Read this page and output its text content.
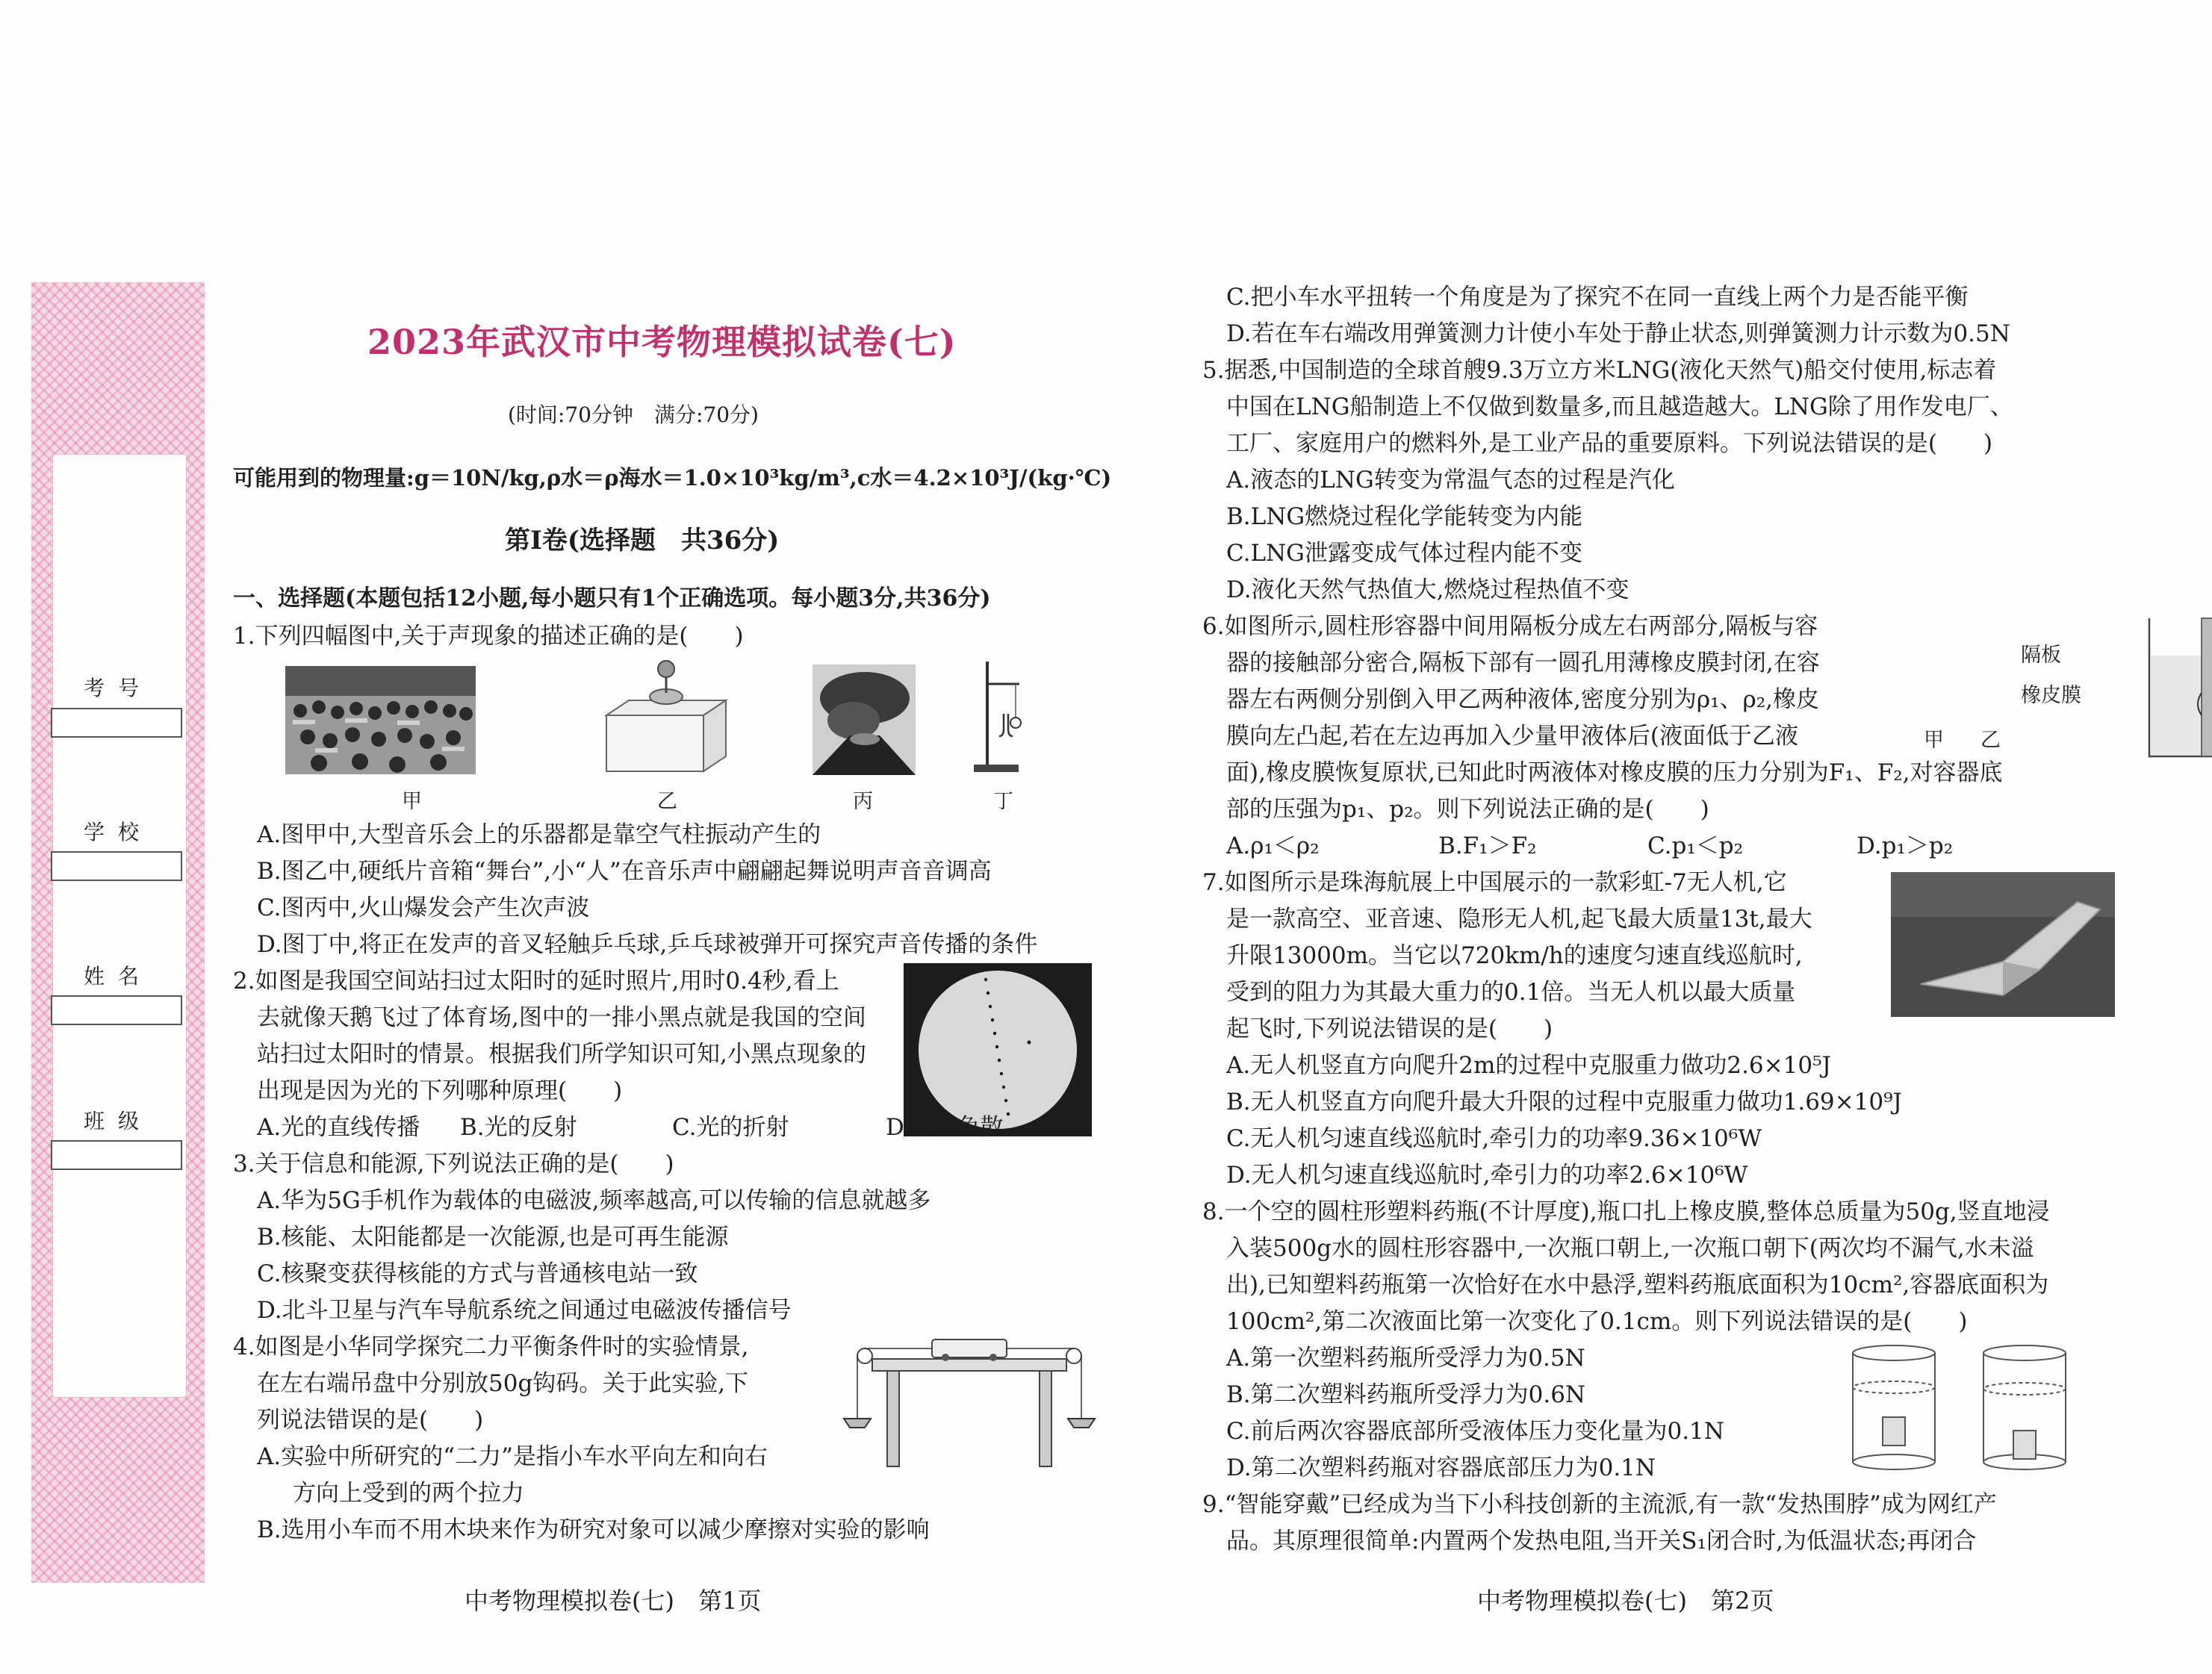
考号
学校
姓名
班级
2023年武汉市中考物理模拟试卷(七)
(时间:70分钟　满分:70分)
可能用到的物理量:g＝10N/kg,ρ水＝ρ海水＝1.0×10³kg/m³,c水＝4.2×10³J/(kg·℃)
第Ⅰ卷(选择题　共36分)
一、选择题(本题包括12小题,每小题只有1个正确选项。每小题3分,共36分)
1.下列四幅图中,关于声现象的描述正确的是(　　)
甲	乙	丙	丁
A.图甲中,大型音乐会上的乐器都是靠空气柱振动产生的
B.图乙中,硬纸片音箱“舞台”,小“人”在音乐声中翩翩起舞说明声音音调高
C.图丙中,火山爆发会产生次声波
D.图丁中,将正在发声的音叉轻触乒乓球,乒乓球被弹开可探究声音传播的条件
2.如图是我国空间站扫过太阳时的延时照片,用时0.4秒,看上
去就像天鹅飞过了体育场,图中的一排小黑点就是我国的空间
站扫过太阳时的情景。根据我们所学知识可知,小黑点现象的
出现是因为光的下列哪种原理(　　)
A.光的直线传播 B.光的反射	C.光的折射	D.光的色散
3.关于信息和能源,下列说法正确的是(　　)
A.华为5G手机作为载体的电磁波,频率越高,可以传输的信息就越多
B.核能、太阳能都是一次能源,也是可再生能源
C.核聚变获得核能的方式与普通核电站一致
D.北斗卫星与汽车导航系统之间通过电磁波传播信号
4.如图是小华同学探究二力平衡条件时的实验情景,
在左右端吊盘中分别放50g钩码。关于此实验,下
列说法错误的是(　　)
A.实验中所研究的“二力”是指小车水平向左和向右
方向上受到的两个拉力
B.选用小车而不用木块来作为研究对象可以减少摩擦对实验的影响
中考物理模拟卷(七)　第1页
C.把小车水平扭转一个角度是为了探究不在同一直线上两个力是否能平衡
D.若在车右端改用弹簧测力计使小车处于静止状态,则弹簧测力计示数为0.5N
5.据悉,中国制造的全球首艘9.3万立方米LNG(液化天然气)船交付使用,标志着
中国在LNG船制造上不仅做到数量多,而且越造越大。LNG除了用作发电厂、
工厂、家庭用户的燃料外,是工业产品的重要原料。下列说法错误的是(　　)
A.液态的LNG转变为常温气态的过程是汽化
B.LNG燃烧过程化学能转变为内能
C.LNG泄露变成气体过程内能不变
D.液化天然气热值大,燃烧过程热值不变
6.如图所示,圆柱形容器中间用隔板分成左右两部分,隔板与容
器的接触部分密合,隔板下部有一圆孔用薄橡皮膜封闭,在容
器左右两侧分别倒入甲乙两种液体,密度分别为ρ₁、ρ₂,橡皮
膜向左凸起,若在左边再加入少量甲液体后(液面低于乙液
面),橡皮膜恢复原状,已知此时两液体对橡皮膜的压力分别为F₁、F₂,对容器底
部的压强为p₁、p₂。则下列说法正确的是(　　)
A.ρ₁＜ρ₂	B.F₁＞F₂	C.p₁＜p₂	D.p₁＞p₂
隔板
橡皮膜
甲 乙
7.如图所示是珠海航展上中国展示的一款彩虹-7无人机,它
是一款高空、亚音速、隐形无人机,起飞最大质量13t,最大
升限13000m。当它以720km/h的速度匀速直线巡航时,
受到的阻力为其最大重力的0.1倍。当无人机以最大质量
起飞时,下列说法错误的是(　　)
A.无人机竖直方向爬升2m的过程中克服重力做功2.6×10⁵J
B.无人机竖直方向爬升最大升限的过程中克服重力做功1.69×10⁹J
C.无人机匀速直线巡航时,牵引力的功率9.36×10⁶W
D.无人机匀速直线巡航时,牵引力的功率2.6×10⁶W
8.一个空的圆柱形塑料药瓶(不计厚度),瓶口扎上橡皮膜,整体总质量为50g,竖直地浸
入装500g水的圆柱形容器中,一次瓶口朝上,一次瓶口朝下(两次均不漏气,水未溢
出),已知塑料药瓶第一次恰好在水中悬浮,塑料药瓶底面积为10cm²,容器底面积为
100cm²,第二次液面比第一次变化了0.1cm。则下列说法错误的是(　　)
A.第一次塑料药瓶所受浮力为0.5N
B.第二次塑料药瓶所受浮力为0.6N
C.前后两次容器底部所受液体压力变化量为0.1N
D.第二次塑料药瓶对容器底部压力为0.1N
9.“智能穿戴”已经成为当下小科技创新的主流派,有一款“发热围脖”成为网红产
品。其原理很简单:内置两个发热电阻,当开关S₁闭合时,为低温状态;再闭合
中考物理模拟卷(七)　第2页
